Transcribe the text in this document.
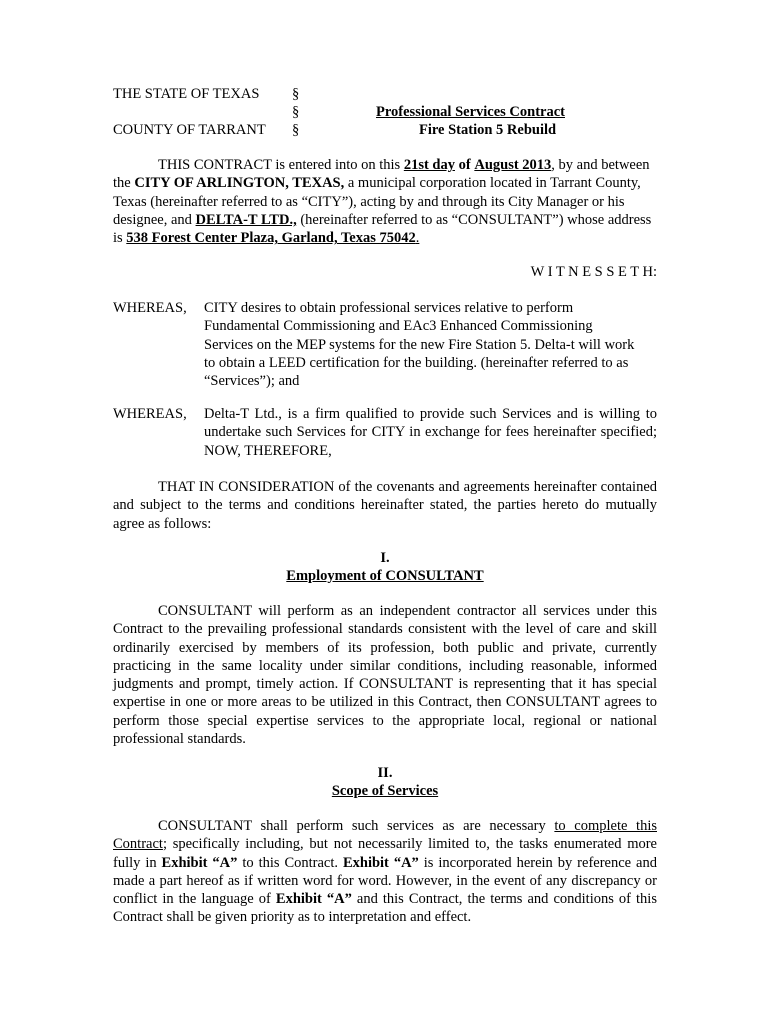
THE STATE OF TEXAS
COUNTY OF TARRANT
§
§
§
Professional Services Contract
Fire Station 5 Rebuild
THIS CONTRACT is entered into on this 21st day of August 2013, by and between the CITY OF ARLINGTON, TEXAS, a municipal corporation located in Tarrant County, Texas (hereinafter referred to as “CITY”), acting by and through its City Manager or his designee, and DELTA-T LTD., (hereinafter referred to as “CONSULTANT”) whose address is 538 Forest Center Plaza, Garland, Texas 75042.
W I T N E S S E T H:
WHEREAS, CITY desires to obtain professional services relative to perform
Fundamental Commissioning and EAc3 Enhanced Commissioning
Services on the MEP systems for the new Fire Station 5. Delta-t will work
to obtain a LEED certification for the building. (hereinafter referred to as
“Services”); and
WHEREAS, Delta-T Ltd., is a firm qualified to provide such Services and is willing to undertake such Services for CITY in exchange for fees hereinafter specified; NOW, THEREFORE,
THAT IN CONSIDERATION of the covenants and agreements hereinafter contained and subject to the terms and conditions hereinafter stated, the parties hereto do mutually agree as follows:
I.
Employment of CONSULTANT
CONSULTANT will perform as an independent contractor all services under this Contract to the prevailing professional standards consistent with the level of care and skill ordinarily exercised by members of its profession, both public and private, currently practicing in the same locality under similar conditions, including reasonable, informed judgments and prompt, timely action. If CONSULTANT is representing that it has special expertise in one or more areas to be utilized in this Contract, then CONSULTANT agrees to perform those special expertise services to the appropriate local, regional or national professional standards.
II.
Scope of Services
CONSULTANT shall perform such services as are necessary to complete this Contract; specifically including, but not necessarily limited to, the tasks enumerated more fully in Exhibit “A” to this Contract. Exhibit “A” is incorporated herein by reference and made a part hereof as if written word for word. However, in the event of any discrepancy or conflict in the language of Exhibit “A” and this Contract, the terms and conditions of this Contract shall be given priority as to interpretation and effect.
